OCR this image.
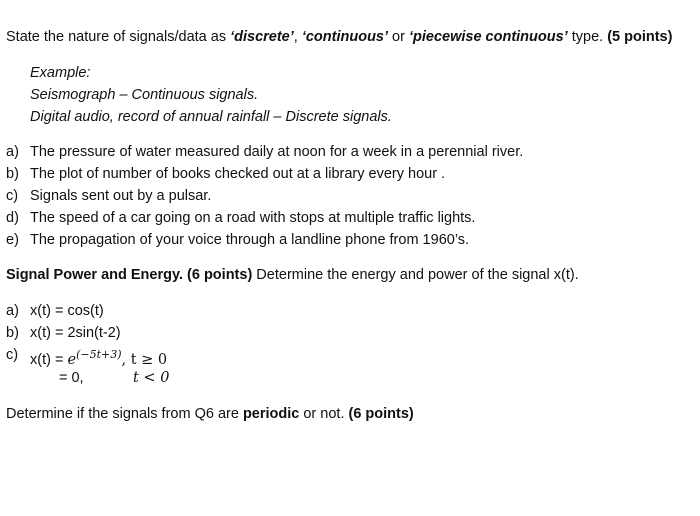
State the nature of signals/data as ‘discrete’, ‘continuous’ or ‘piecewise continuous’ type. (5 points)
Example:
Seismograph – Continuous signals.
Digital audio, record of annual rainfall – Discrete signals.
a) The pressure of water measured daily at noon for a week in a perennial river.
b) The plot of number of books checked out at a library every hour .
c) Signals sent out by a pulsar.
d) The speed of a car going on a road with stops at multiple traffic lights.
e) The propagation of your voice through a landline phone from 1960’s.
Signal Power and Energy. (6 points) Determine the energy and power of the signal x(t).
a) x(t) = cos(t)
b) x(t) = 2sin(t-2)
c) $x(t) = e^{(-5t+3)}$, t ≥ 0
= 0,	t < 0
Determine if the signals from Q6 are periodic or not. (6 points)
